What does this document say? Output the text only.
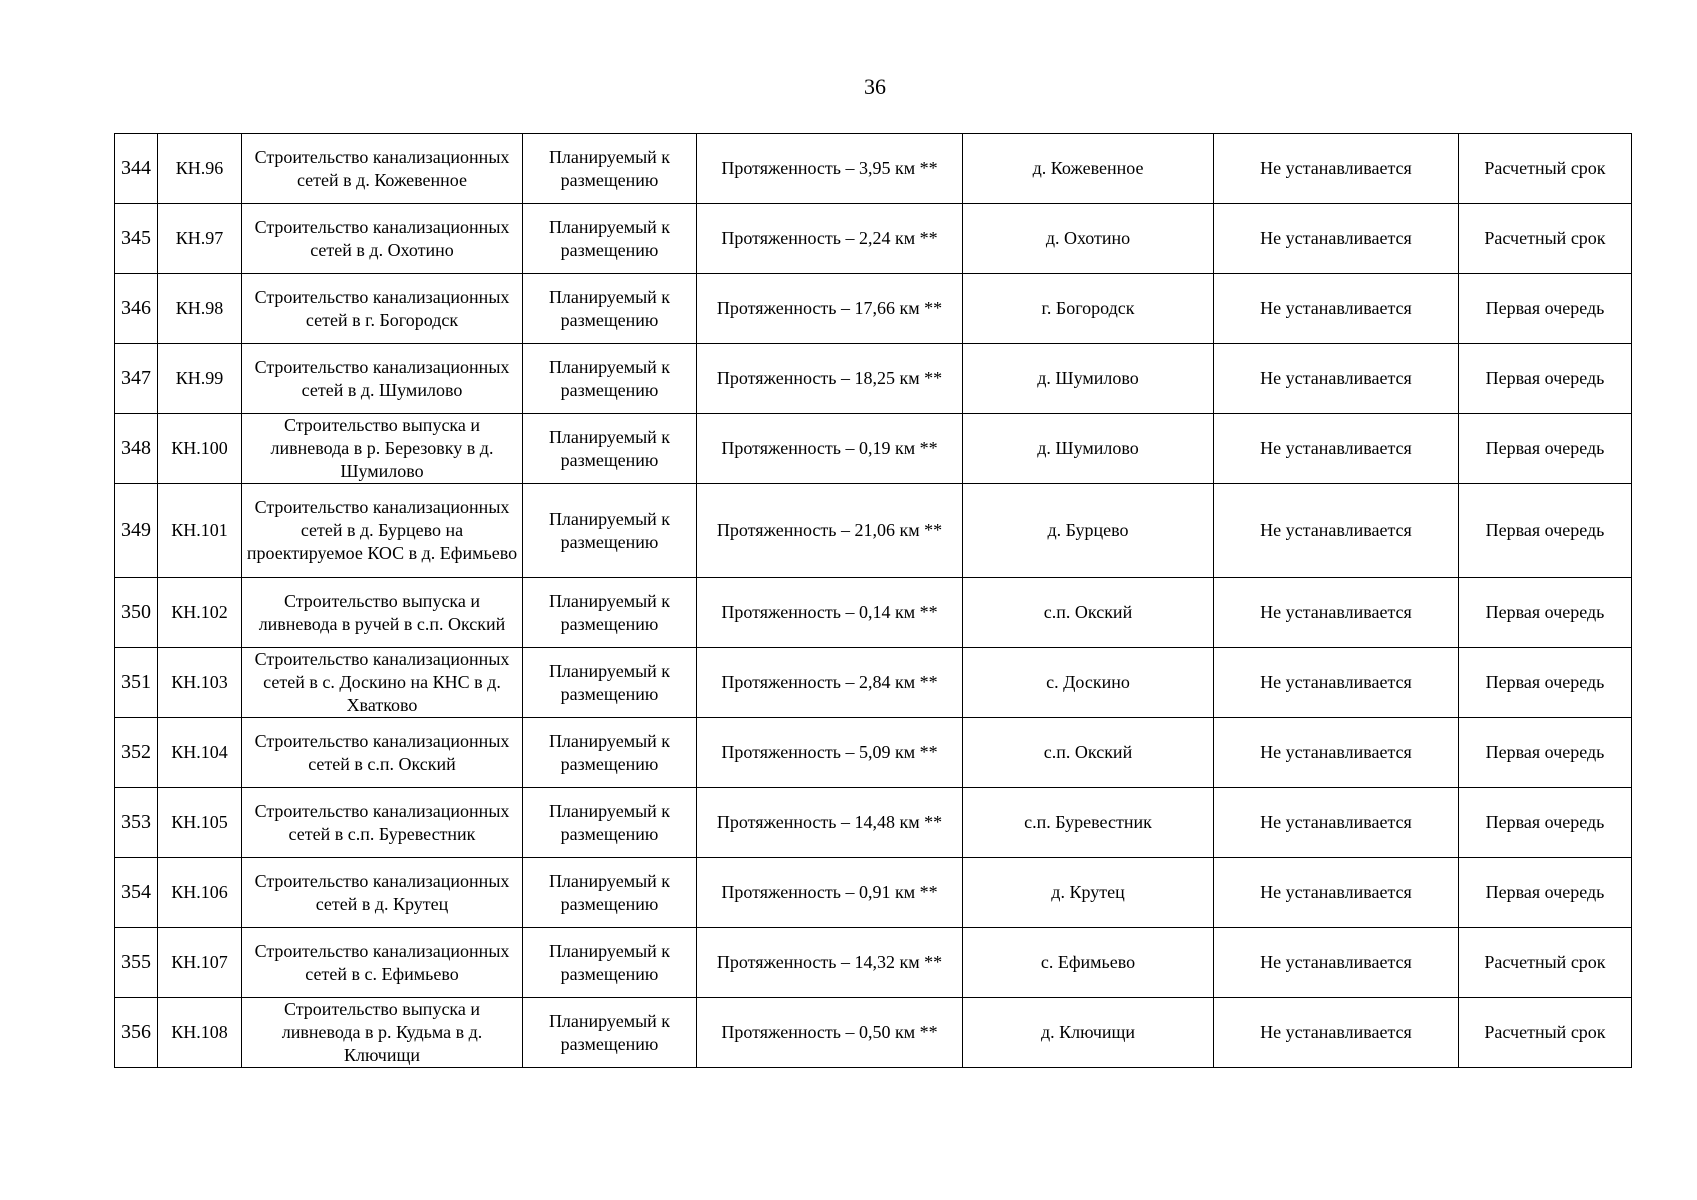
36
344	КН.96	Строительство канализационных сетей в д. Кожевенное	Планируемый к размещению	Протяженность – 3,95 км **	д. Кожевенное	Не устанавливается	Расчетный срок
345	КН.97	Строительство канализационных сетей в д. Охотино	Планируемый к размещению	Протяженность – 2,24 км **	д. Охотино	Не устанавливается	Расчетный срок
346	КН.98	Строительство канализационных сетей в г. Богородск	Планируемый к размещению	Протяженность – 17,66 км **	г. Богородск	Не устанавливается	Первая очередь
347	КН.99	Строительство канализационных сетей в д. Шумилово	Планируемый к размещению	Протяженность – 18,25 км **	д. Шумилово	Не устанавливается	Первая очередь
348	КН.100	Строительство выпуска и ливневода в р. Березовку в д. Шумилово	Планируемый к размещению	Протяженность – 0,19 км **	д. Шумилово	Не устанавливается	Первая очередь
349	КН.101	Строительство канализационных сетей в д. Бурцево на проектируемое КОС в д. Ефимьево	Планируемый к размещению	Протяженность – 21,06 км **	д. Бурцево	Не устанавливается	Первая очередь
350	КН.102	Строительство выпуска и ливневода в ручей в с.п. Окский	Планируемый к размещению	Протяженность – 0,14 км **	с.п. Окский	Не устанавливается	Первая очередь
351	КН.103	Строительство канализационных сетей в с. Доскино на КНС в д. Хватково	Планируемый к размещению	Протяженность – 2,84 км **	с. Доскино	Не устанавливается	Первая очередь
352	КН.104	Строительство канализационных сетей в с.п. Окский	Планируемый к размещению	Протяженность – 5,09 км **	с.п. Окский	Не устанавливается	Первая очередь
353	КН.105	Строительство канализационных сетей в с.п. Буревестник	Планируемый к размещению	Протяженность – 14,48 км **	с.п. Буревестник	Не устанавливается	Первая очередь
354	КН.106	Строительство канализационных сетей в д. Крутец	Планируемый к размещению	Протяженность – 0,91 км **	д. Крутец	Не устанавливается	Первая очередь
355	КН.107	Строительство канализационных сетей в с. Ефимьево	Планируемый к размещению	Протяженность – 14,32 км **	с. Ефимьево	Не устанавливается	Расчетный срок
356	КН.108	Строительство выпуска и ливневода в р. Кудьма в д. Ключищи	Планируемый к размещению	Протяженность – 0,50 км **	д. Ключищи	Не устанавливается	Расчетный срок
